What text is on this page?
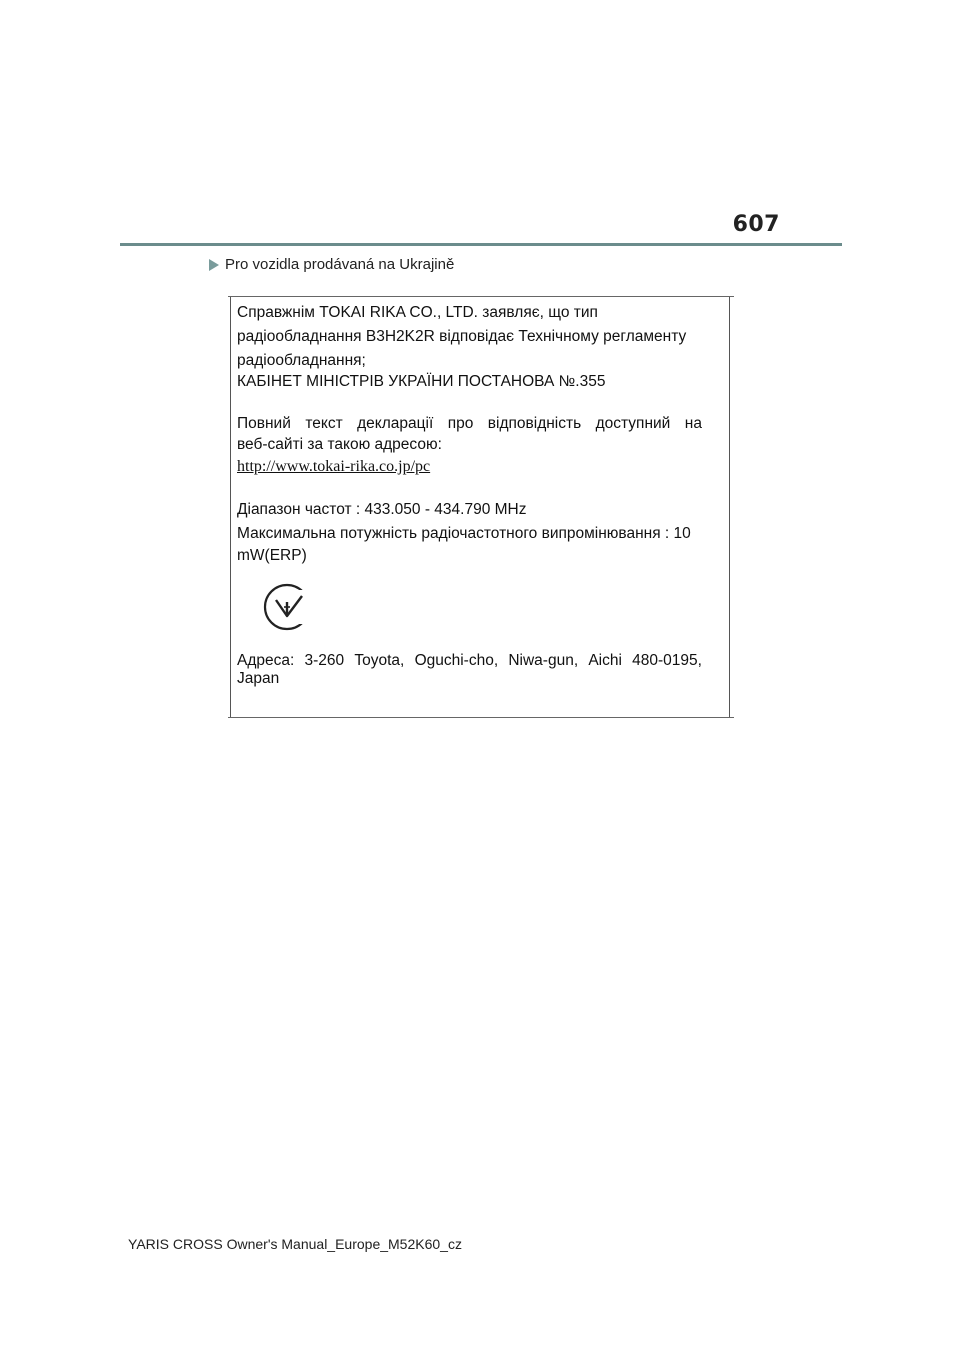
607
Pro vozidla prodávaná na Ukrajině
Справжнім TOKAI RIKA CO., LTD. заявляє, що тип
радіообладнання B3H2K2R відповідає Технічному регламенту
радіообладнання;
КАБІНЕТ МІНІСТРІВ УКРАЇНИ ПОСТАНОВА №.355
Повний текст декларації про відповідність доступний на
веб-сайті за такою адресою:
http://www.tokai-rika.co.jp/pc
Діапазон частот : 433.050 - 434.790 MHz
Максимальна потужність радіочастотного випромінювання : 10
mW(ERP)
Адреса: 3-260 Toyota, Oguchi-cho, Niwa-gun, Aichi 480-0195,
Japan
YARIS CROSS Owner's Manual_Europe_M52K60_cz
